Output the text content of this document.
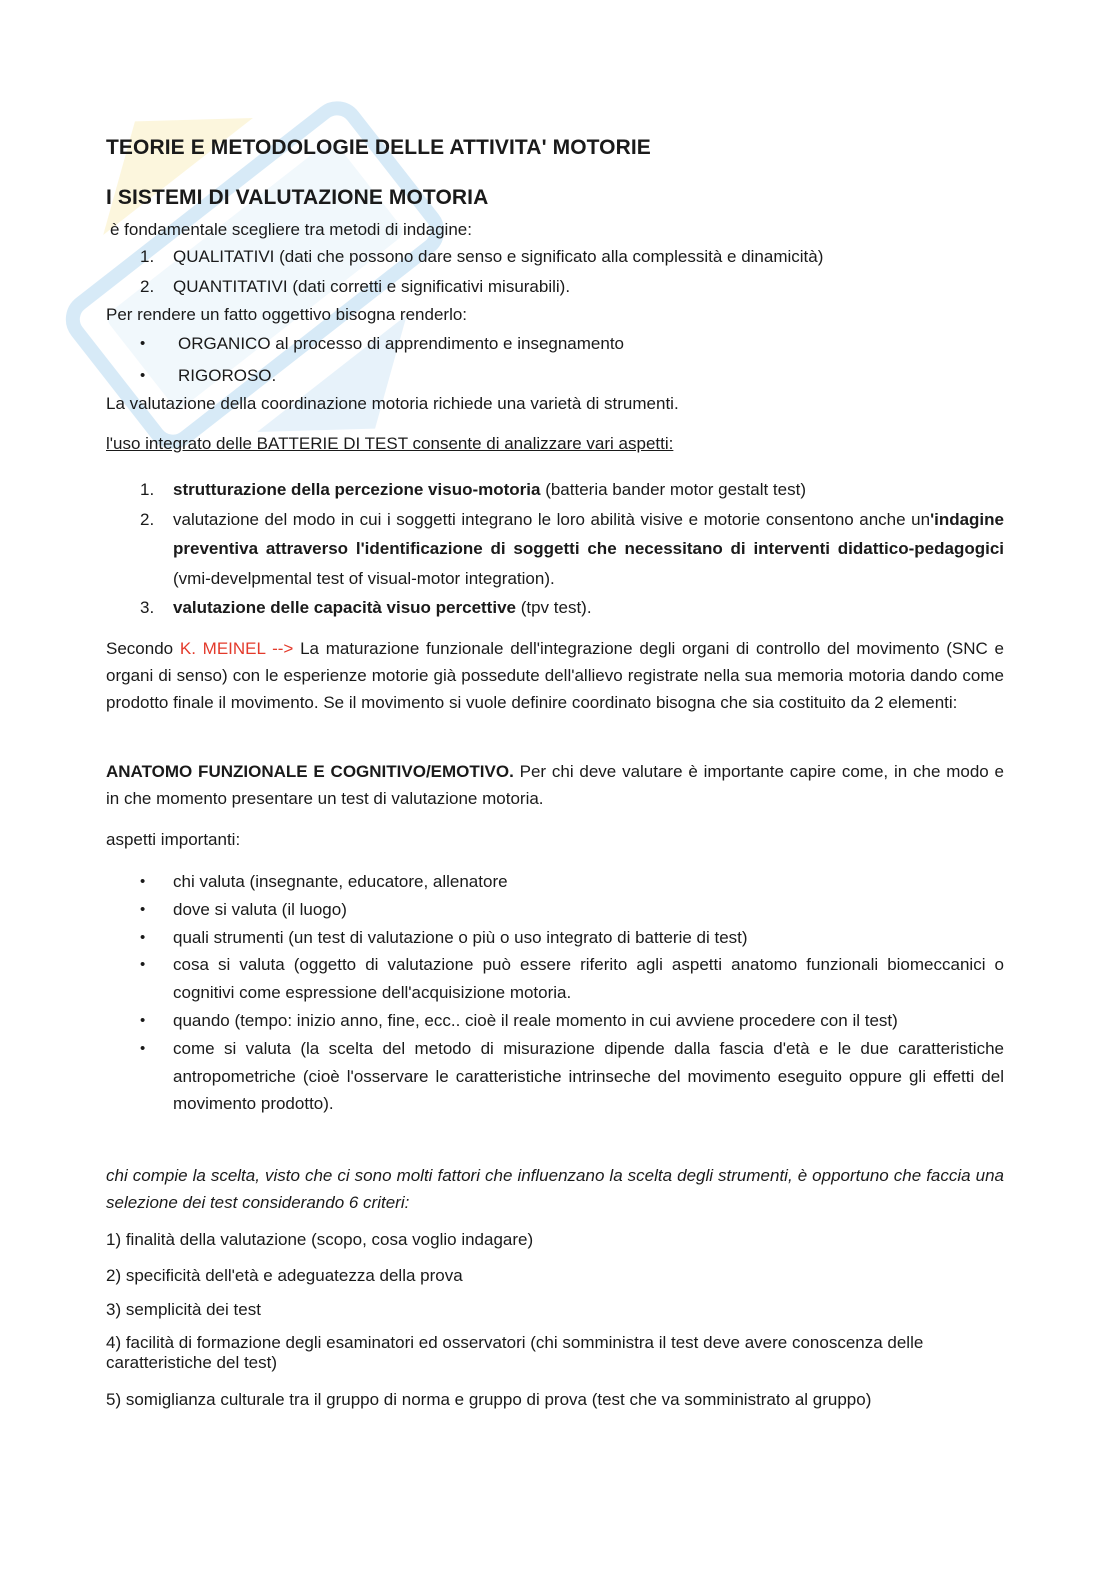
TEORIE E METODOLOGIE DELLE ATTIVITA' MOTORIE
I SISTEMI DI VALUTAZIONE MOTORIA
è fondamentale scegliere tra metodi di indagine:
1. QUALITATIVI (dati che possono dare senso e significato alla complessità e dinamicità)
2. QUANTITATIVI (dati corretti e significativi misurabili).
Per rendere un fatto oggettivo bisogna renderlo:
• ORGANICO al processo di apprendimento e insegnamento
• RIGOROSO.
La valutazione della coordinazione motoria richiede una varietà di strumenti.
l'uso integrato delle BATTERIE DI TEST consente di analizzare vari aspetti:
1. strutturazione della percezione visuo-motoria (batteria bander motor gestalt test)
2. valutazione del modo in cui i soggetti integrano le loro abilità visive e motorie consentono anche un'indagine preventiva attraverso l'identificazione di soggetti che necessitano di interventi didattico-pedagogici (vmi-develpmental test of visual-motor integration).
3. valutazione delle capacità visuo percettive (tpv test).
Secondo K. MEINEL --> La maturazione funzionale dell'integrazione degli organi di controllo del movimento (SNC e organi di senso) con le esperienze motorie già possedute dell'allievo registrate nella sua memoria motoria dando come prodotto finale il movimento. Se il movimento si vuole definire coordinato bisogna che sia costituito da 2 elementi:
ANATOMO FUNZIONALE E COGNITIVO/EMOTIVO. Per chi deve valutare è importante capire come, in che modo e in che momento presentare un test di valutazione motoria.
aspetti importanti:
• chi valuta (insegnante, educatore, allenatore
• dove si valuta (il luogo)
• quali strumenti (un test di valutazione o più o uso integrato di batterie di test)
• cosa si valuta (oggetto di valutazione può essere riferito agli aspetti anatomo funzionali biomeccanici o cognitivi come espressione dell'acquisizione motoria.
• quando (tempo: inizio anno, fine, ecc.. cioè il reale momento in cui avviene procedere con il test)
• come si valuta (la scelta del metodo di misurazione dipende dalla fascia d'età e le due caratteristiche antropometriche (cioè l'osservare le caratteristiche intrinseche del movimento eseguito oppure gli effetti del movimento prodotto).
chi compie la scelta, visto che ci sono molti fattori che influenzano la scelta degli strumenti, è opportuno che faccia una selezione dei test considerando 6 criteri:
1) finalità della valutazione (scopo, cosa voglio indagare)
2) specificità dell'età e adeguatezza della prova
3) semplicità dei test
4) facilità di formazione degli esaminatori ed osservatori (chi somministra il test deve avere conoscenza delle caratteristiche del test)
5) somiglianza culturale tra il gruppo di norma e gruppo di prova (test che va somministrato al gruppo)
